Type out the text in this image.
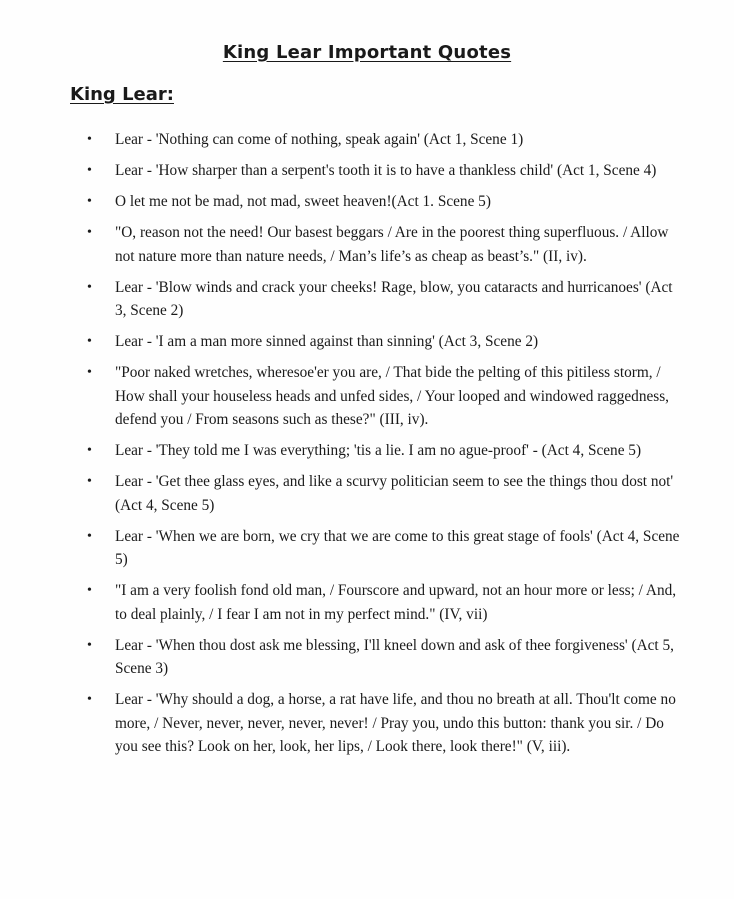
King Lear Important Quotes
King Lear:
• Lear - 'Nothing can come of nothing, speak again' (Act 1, Scene 1)
• Lear - 'How sharper than a serpent's tooth it is to have a thankless child' (Act 1, Scene 4)
• O let me not be mad, not mad, sweet heaven!(Act 1. Scene 5)
• "O, reason not the need! Our basest beggars / Are in the poorest thing superfluous. / Allow not nature more than nature needs, / Man’s life’s as cheap as beast’s." (II, iv).
• Lear - 'Blow winds and crack your cheeks! Rage, blow, you cataracts and hurricanoes' (Act 3, Scene 2)
• Lear - 'I am a man more sinned against than sinning' (Act 3, Scene 2)
• "Poor naked wretches, wheresoe'er you are, / That bide the pelting of this pitiless storm, / How shall your houseless heads and unfed sides, / Your looped and windowed raggedness, defend you / From seasons such as these?" (III, iv).
• Lear - 'They told me I was everything; 'tis a lie. I am no ague-proof' - (Act 4, Scene 5)
• Lear - 'Get thee glass eyes, and like a scurvy politician seem to see the things thou dost not' (Act 4, Scene 5)
• Lear - 'When we are born, we cry that we are come to this great stage of fools' (Act 4, Scene 5)
• "I am a very foolish fond old man, / Fourscore and upward, not an hour more or less; / And, to deal plainly, / I fear I am not in my perfect mind." (IV, vii)
• Lear - 'When thou dost ask me blessing, I'll kneel down and ask of thee forgiveness' (Act 5, Scene 3)
• Lear - 'Why should a dog, a horse, a rat have life, and thou no breath at all. Thou'lt come no more, / Never, never, never, never, never! / Pray you, undo this button: thank you sir. / Do you see this? Look on her, look, her lips, / Look there, look there!" (V, iii).
